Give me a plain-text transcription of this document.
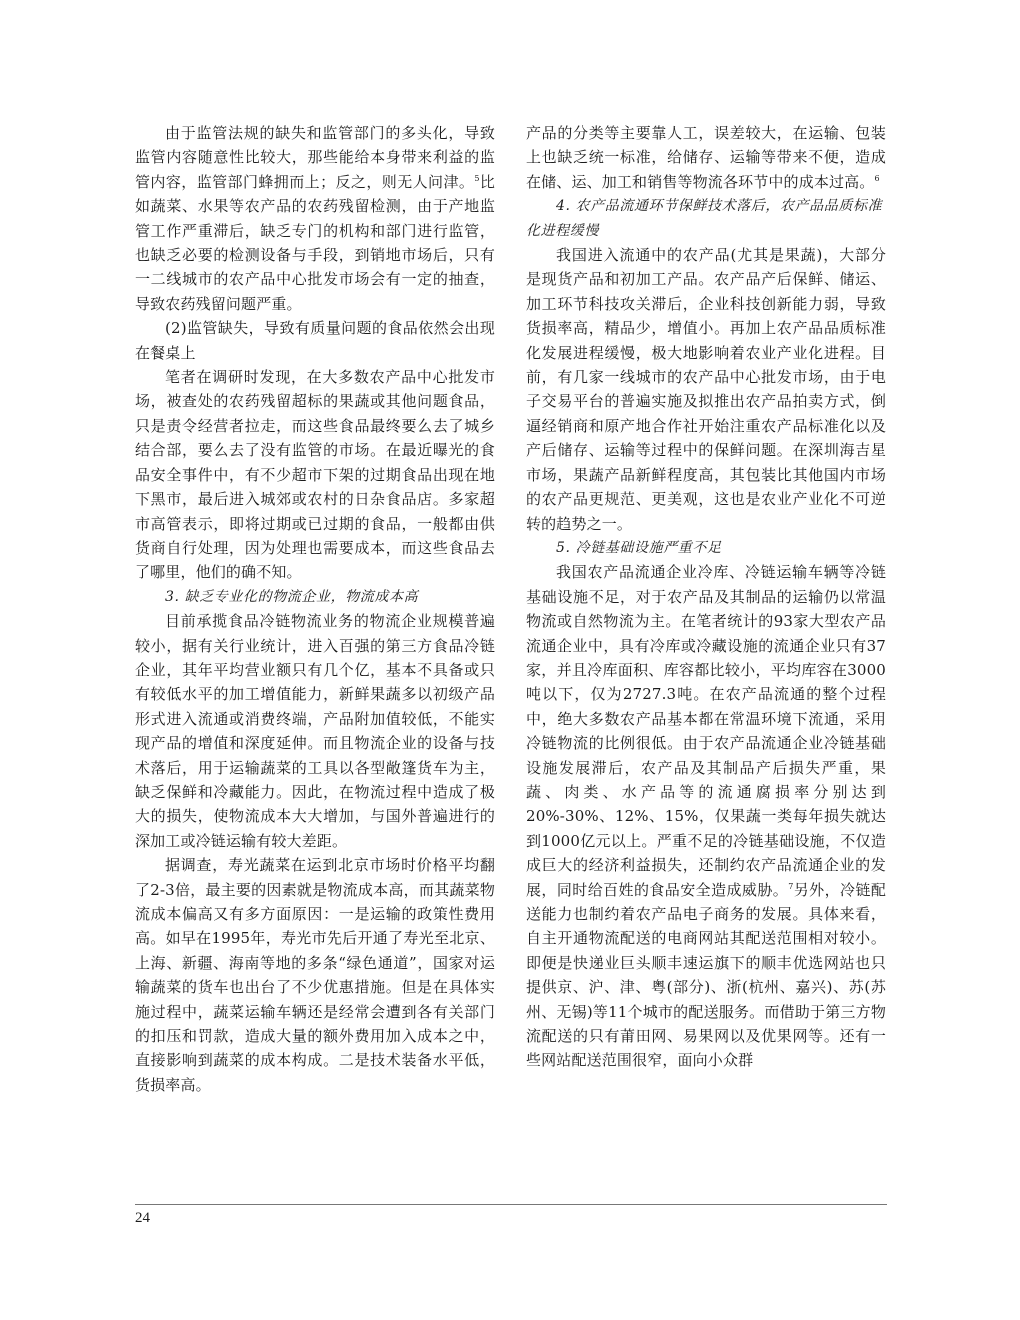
由于监管法规的缺失和监管部门的多头化，导致监管内容随意性比较大，那些能给本身带来利益的监管内容，监管部门蜂拥而上；反之，则无人问津。$^5$比如蔬菜、水果等农产品的农药残留检测，由于产地监管工作严重滞后，缺乏专门的机构和部门进行监管，也缺乏必要的检测设备与手段，到销地市场后，只有一二线城市的农产品中心批发市场会有一定的抽查，导致农药残留问题严重。

(2)监管缺失，导致有质量问题的食品依然会出现在餐桌上

笔者在调研时发现，在大多数农产品中心批发市场，被查处的农药残留超标的果蔬或其他问题食品，只是责令经营者拉走，而这些食品最终要么去了城乡结合部，要么去了没有监管的市场。在最近曝光的食品安全事件中，有不少超市下架的过期食品出现在地下黑市，最后进入城郊或农村的日杂食品店。多家超市高管表示，即将过期或已过期的食品，一般都由供货商自行处理，因为处理也需要成本，而这些食品去了哪里，他们的确不知。

3. 缺乏专业化的物流企业，物流成本高

目前承揽食品冷链物流业务的物流企业规模普遍较小，据有关行业统计，进入百强的第三方食品冷链企业，其年平均营业额只有几个亿，基本不具备或只有较低水平的加工增值能力，新鲜果蔬多以初级产品形式进入流通或消费终端，产品附加值较低，不能实现产品的增值和深度延伸。而且物流企业的设备与技术落后，用于运输蔬菜的工具以各型敞篷货车为主，缺乏保鲜和冷藏能力。因此，在物流过程中造成了极大的损失，使物流成本大大增加，与国外普遍进行的深加工或冷链运输有较大差距。

据调查，寿光蔬菜在运到北京市场时价格平均翻了2-3倍，最主要的因素就是物流成本高，而其蔬菜物流成本偏高又有多方面原因：一是运输的政策性费用高。如早在1995年，寿光市先后开通了寿光至北京、上海、新疆、海南等地的多条“绿色通道”，国家对运输蔬菜的货车也出台了不少优惠措施。但是在具体实施过程中，蔬菜运输车辆还是经常会遭到各有关部门的扣压和罚款，造成大量的额外费用加入成本之中，直接影响到蔬菜的成本构成。二是技术装备水平低，货损率高。

产品的分类等主要靠人工，误差较大，在运输、包装上也缺乏统一标准，给储存、运输等带来不便，造成在储、运、加工和销售等物流各环节中的成本过高。$^6$

4. 农产品流通环节保鲜技术落后，农产品品质标准化进程缓慢

我国进入流通中的农产品(尤其是果蔬)，大部分是现货产品和初加工产品。农产品产后保鲜、储运、加工环节科技攻关滞后，企业科技创新能力弱，导致货损率高，精品少，增值小。再加上农产品品质标准化发展进程缓慢，极大地影响着农业产业化进程。目前，有几家一线城市的农产品中心批发市场，由于电子交易平台的普遍实施及拟推出农产品拍卖方式，倒逼经销商和原产地合作社开始注重农产品标准化以及产后储存、运输等过程中的保鲜问题。在深圳海吉星市场，果蔬产品新鲜程度高，其包装比其他国内市场的农产品更规范、更美观，这也是农业产业化不可逆转的趋势之一。

5. 冷链基础设施严重不足

我国农产品流通企业冷库、冷链运输车辆等冷链基础设施不足，对于农产品及其制品的运输仍以常温物流或自然物流为主。在笔者统计的93家大型农产品流通企业中，具有冷库或冷藏设施的流通企业只有37家，并且冷库面积、库容都比较小，平均库容在3000吨以下，仅为2727.3吨。在农产品流通的整个过程中，绝大多数农产品基本都在常温环境下流通，采用冷链物流的比例很低。由于农产品流通企业冷链基础设施发展滞后，农产品及其制品产后损失严重，果蔬、肉类、水产品等的流通腐损率分别达到20%-30%、12%、15%，仅果蔬一类每年损失就达到1000亿元以上。严重不足的冷链基础设施，不仅造成巨大的经济利益损失，还制约农产品流通企业的发展，同时给百姓的食品安全造成威胁。$^7$另外，冷链配送能力也制约着农产品电子商务的发展。具体来看，自主开通物流配送的电商网站其配送范围相对较小。即便是快递业巨头顺丰速运旗下的顺丰优选网站也只提供京、沪、津、粤(部分)、浙(杭州、嘉兴)、苏(苏州、无锡)等11个城市的配送服务。而借助于第三方物流配送的只有莆田网、易果网以及优果网等。还有一些网站配送范围很窄，面向小众群

24
